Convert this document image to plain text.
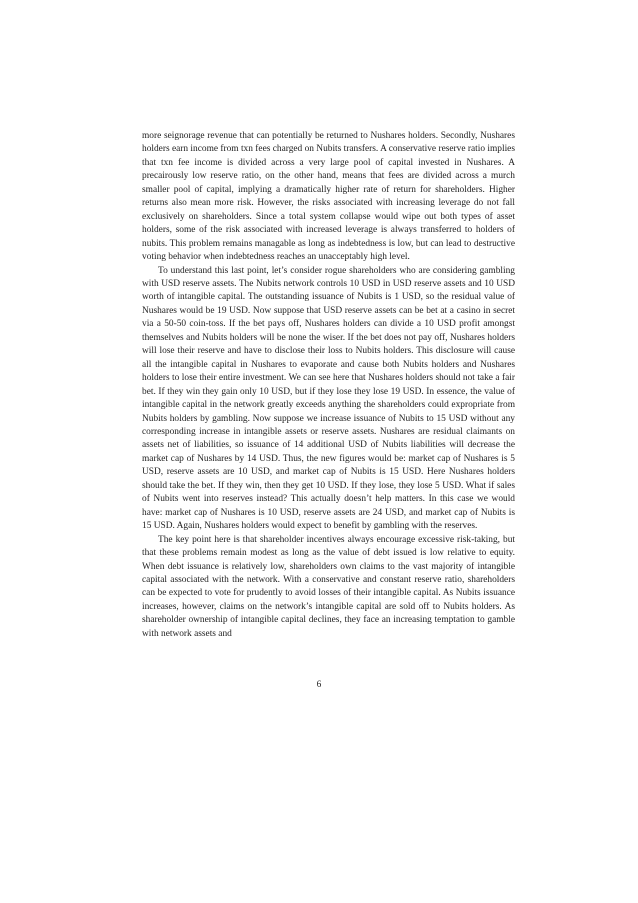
more seignorage revenue that can potentially be returned to Nushares holders. Secondly, Nushares holders earn income from txn fees charged on Nubits transfers. A conservative reserve ratio implies that txn fee income is divided across a very large pool of capital invested in Nushares. A precairously low reserve ratio, on the other hand, means that fees are divided across a murch smaller pool of capital, implying a dramatically higher rate of return for shareholders. Higher returns also mean more risk. However, the risks associated with increasing leverage do not fall exclusively on shareholders. Since a total system collapse would wipe out both types of asset holders, some of the risk associated with increased leverage is always transferred to holders of nubits. This problem remains managable as long as indebtedness is low, but can lead to destructive voting behavior when indebtedness reaches an unacceptably high level.

To understand this last point, let’s consider rogue shareholders who are considering gambling with USD reserve assets. The Nubits network controls 10 USD in USD reserve assets and 10 USD worth of intangible capital. The outstanding issuance of Nubits is 1 USD, so the residual value of Nushares would be 19 USD. Now suppose that USD reserve assets can be bet at a casino in secret via a 50-50 coin-toss. If the bet pays off, Nushares holders can divide a 10 USD profit amongst themselves and Nubits holders will be none the wiser. If the bet does not pay off, Nushares holders will lose their reserve and have to disclose their loss to Nubits holders. This disclosure will cause all the intangible capital in Nushares to evaporate and cause both Nubits holders and Nushares holders to lose their entire investment. We can see here that Nushares holders should not take a fair bet. If they win they gain only 10 USD, but if they lose they lose 19 USD. In essence, the value of intangible capital in the network greatly exceeds anything the shareholders could expropriate from Nubits holders by gambling. Now suppose we increase issuance of Nubits to 15 USD without any corresponding increase in intangible assets or reserve assets. Nushares are residual claimants on assets net of liabilities, so issuance of 14 additional USD of Nubits liabilities will decrease the market cap of Nushares by 14 USD. Thus, the new figures would be: market cap of Nushares is 5 USD, reserve assets are 10 USD, and market cap of Nubits is 15 USD. Here Nushares holders should take the bet. If they win, then they get 10 USD. If they lose, they lose 5 USD. What if sales of Nubits went into reserves instead? This actually doesn’t help matters. In this case we would have: market cap of Nushares is 10 USD, reserve assets are 24 USD, and market cap of Nubits is 15 USD. Again, Nushares holders would expect to benefit by gambling with the reserves.

The key point here is that shareholder incentives always encourage excessive risk-taking, but that these problems remain modest as long as the value of debt issued is low relative to equity. When debt issuance is relatively low, shareholders own claims to the vast majority of intangible capital associated with the network. With a conservative and constant reserve ratio, shareholders can be expected to vote for prudently to avoid losses of their intangible capital. As Nubits issuance increases, however, claims on the network’s intangible capital are sold off to Nubits holders. As shareholder ownership of intangible capital declines, they face an increasing temptation to gamble with network assets and

6
